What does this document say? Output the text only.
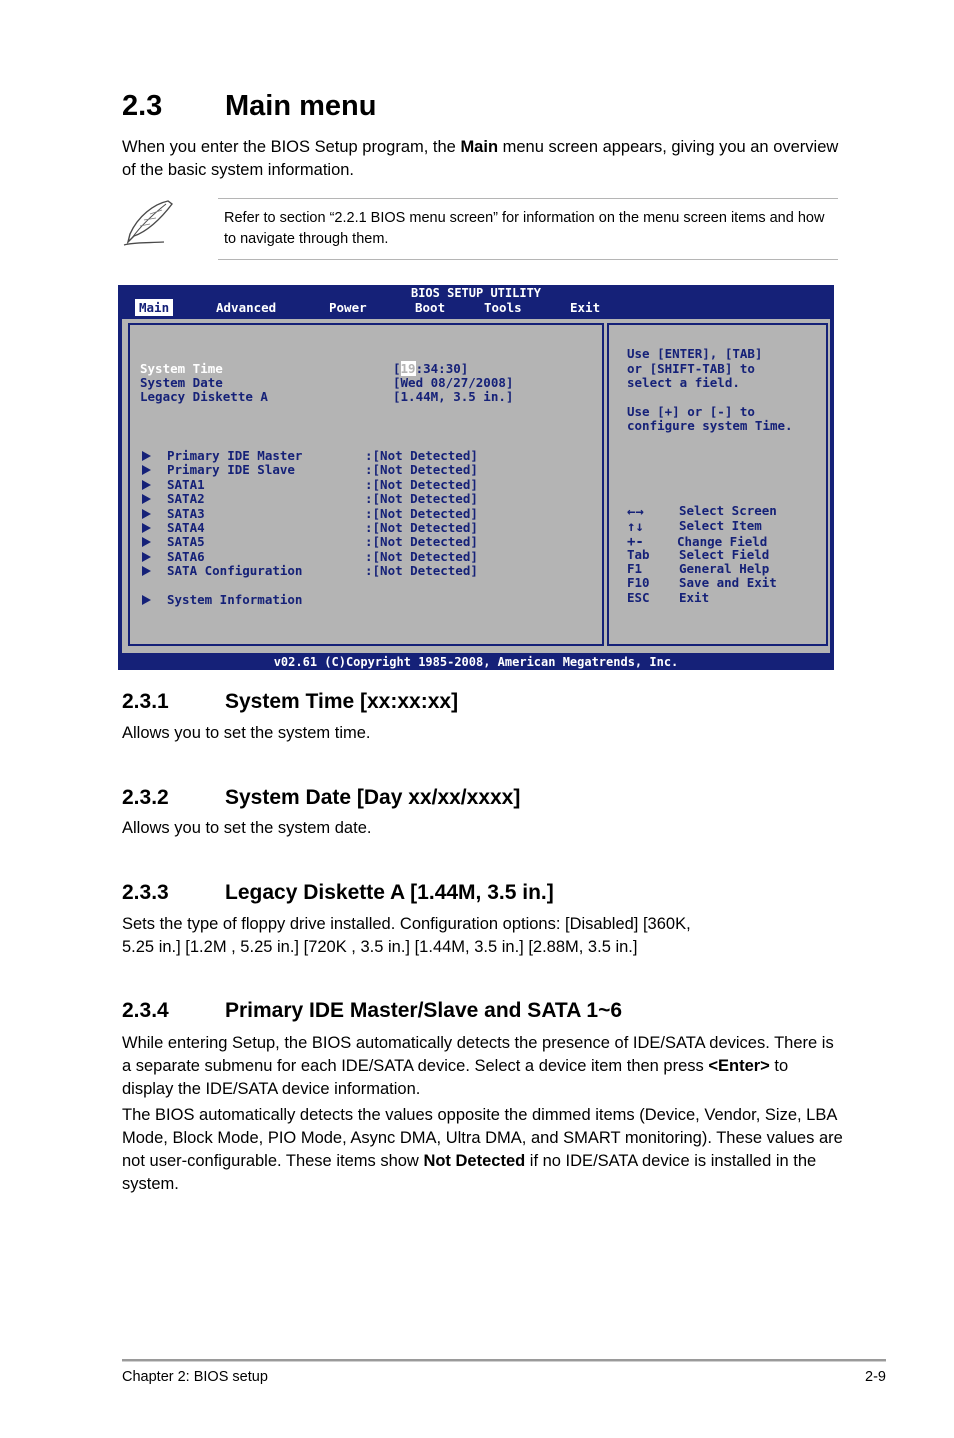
2.3 Main menu

When you enter the BIOS Setup program, the Main menu screen appears, giving you an overview of the basic system information.

Refer to section “2.2.1 BIOS menu screen” for information on the menu screen items and how to navigate through them.
BIOS SETUP UTILITY
Main	Advanced	Power	Boot	Tools	Exit
System Time	[19:34:30]
System Date	[Wed 08/27/2008]
Legacy Diskette A	[1.44M, 3.5 in.]
Primary IDE Master	:[Not Detected]
Primary IDE Slave	:[Not Detected]
SATA1	:[Not Detected]
SATA2	:[Not Detected]
SATA3	:[Not Detected]
SATA4	:[Not Detected]
SATA5	:[Not Detected]
SATA6	:[Not Detected]
SATA Configuration	:[Not Detected]
System Information
Use [ENTER], [TAB]
or [SHIFT-TAB] to
select a field.
Use [+] or [-] to
configure system Time.
←→	Select Screen
↑↓	Select Item
+-	Change Field
Tab Select Field
F1	General Help
F10 Save and Exit
ESC Exit
v02.61 (C)Copyright 1985-2008, American Megatrends, Inc.
2.3.1	System Time [xx:xx:xx]

Allows you to set the system time.

2.3.2	System Date [Day xx/xx/xxxx]

Allows you to set the system date.

2.3.3	Legacy Diskette A [1.44M, 3.5 in.]

Sets the type of floppy drive installed. Configuration options: [Disabled] [360K, 5.25 in.] [1.2M , 5.25 in.] [720K , 3.5 in.] [1.44M, 3.5 in.] [2.88M, 3.5 in.]

2.3.4	Primary IDE Master/Slave and SATA 1~6

While entering Setup, the BIOS automatically detects the presence of IDE/SATA devices. There is a separate submenu for each IDE/SATA device. Select a device item then press <Enter> to display the IDE/SATA device information.

The BIOS automatically detects the values opposite the dimmed items (Device, Vendor, Size, LBA Mode, Block Mode, PIO Mode, Async DMA, Ultra DMA, and SMART monitoring). These values are not user-configurable. These items show Not Detected if no IDE/SATA device is installed in the system.

Chapter 2: BIOS setup	2-9
